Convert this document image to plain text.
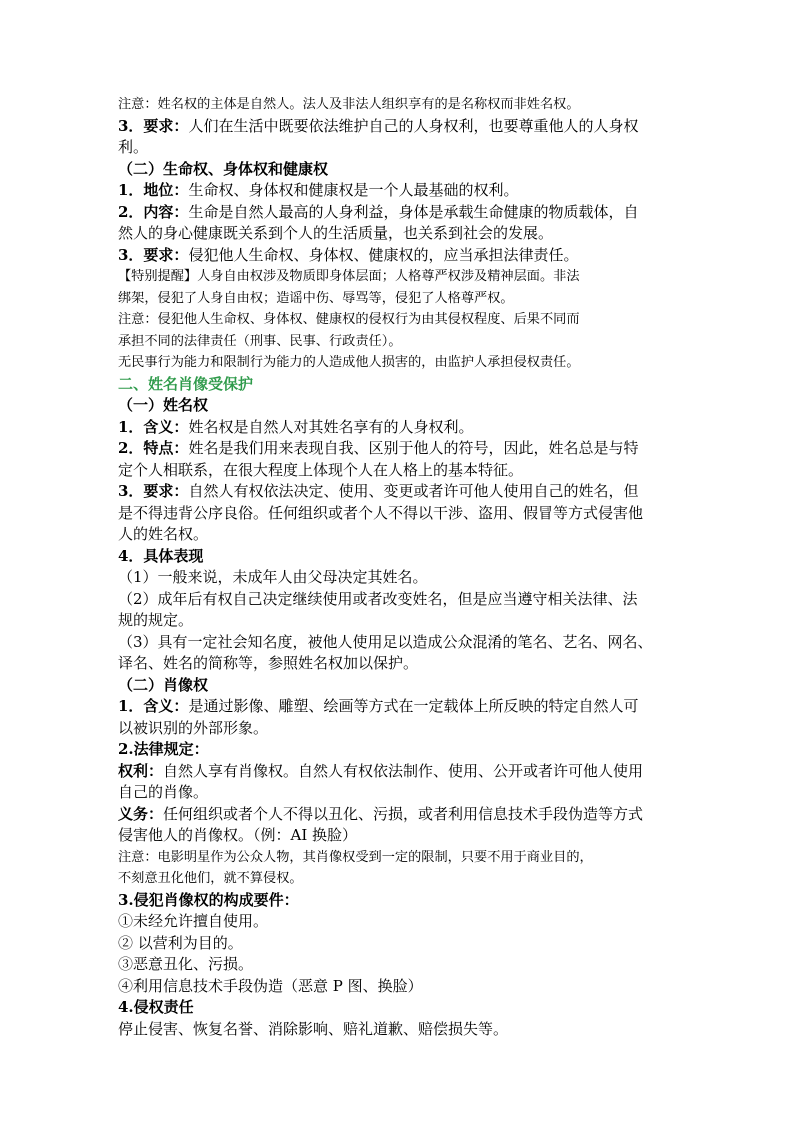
注意：姓名权的主体是自然人。法人及非法人组织享有的是名称权而非姓名权。
3．要求：人们在生活中既要依法维护自己的人身权利，也要尊重他人的人身权
利。
（二）生命权、身体权和健康权
1．地位：生命权、身体权和健康权是一个人最基础的权利。
2．内容：生命是自然人最高的人身利益，身体是承载生命健康的物质载体，自
然人的身心健康既关系到个人的生活质量，也关系到社会的发展。
3．要求：侵犯他人生命权、身体权、健康权的，应当承担法律责任。
【特别提醒】人身自由权涉及物质即身体层面；人格尊严权涉及精神层面。非法
绑架，侵犯了人身自由权；造谣中伤、辱骂等，侵犯了人格尊严权。
注意：侵犯他人生命权、身体权、健康权的侵权行为由其侵权程度、后果不同而
承担不同的法律责任（刑事、民事、行政责任）。
无民事行为能力和限制行为能力的人造成他人损害的，由监护人承担侵权责任。
二、姓名肖像受保护
（一）姓名权
1．含义：姓名权是自然人对其姓名享有的人身权利。
2．特点：姓名是我们用来表现自我、区别于他人的符号，因此，姓名总是与特
定个人相联系，在很大程度上体现个人在人格上的基本特征。
3．要求：自然人有权依法决定、使用、变更或者许可他人使用自己的姓名，但
是不得违背公序良俗。任何组织或者个人不得以干涉、盗用、假冒等方式侵害他
人的姓名权。
4．具体表现
（1）一般来说，未成年人由父母决定其姓名。
（2）成年后有权自己决定继续使用或者改变姓名，但是应当遵守相关法律、法
规的规定。
（3）具有一定社会知名度，被他人使用足以造成公众混淆的笔名、艺名、网名、
译名、姓名的简称等，参照姓名权加以保护。
（二）肖像权
1．含义：是通过影像、雕塑、绘画等方式在一定载体上所反映的特定自然人可
以被识别的外部形象。
2.法律规定：
权利：自然人享有肖像权。自然人有权依法制作、使用、公开或者许可他人使用
自己的肖像。
义务：任何组织或者个人不得以丑化、污损，或者利用信息技术手段伪造等方式
侵害他人的肖像权。（例：AI 换脸）
注意：电影明星作为公众人物，其肖像权受到一定的限制，只要不用于商业目的，
不刻意丑化他们，就不算侵权。
3.侵犯肖像权的构成要件：
①未经允许擅自使用。
② 以营利为目的。
③恶意丑化、污损。
④利用信息技术手段伪造（恶意 P 图、换脸）
4.侵权责任
停止侵害、恢复名誉、消除影响、赔礼道歉、赔偿损失等。
